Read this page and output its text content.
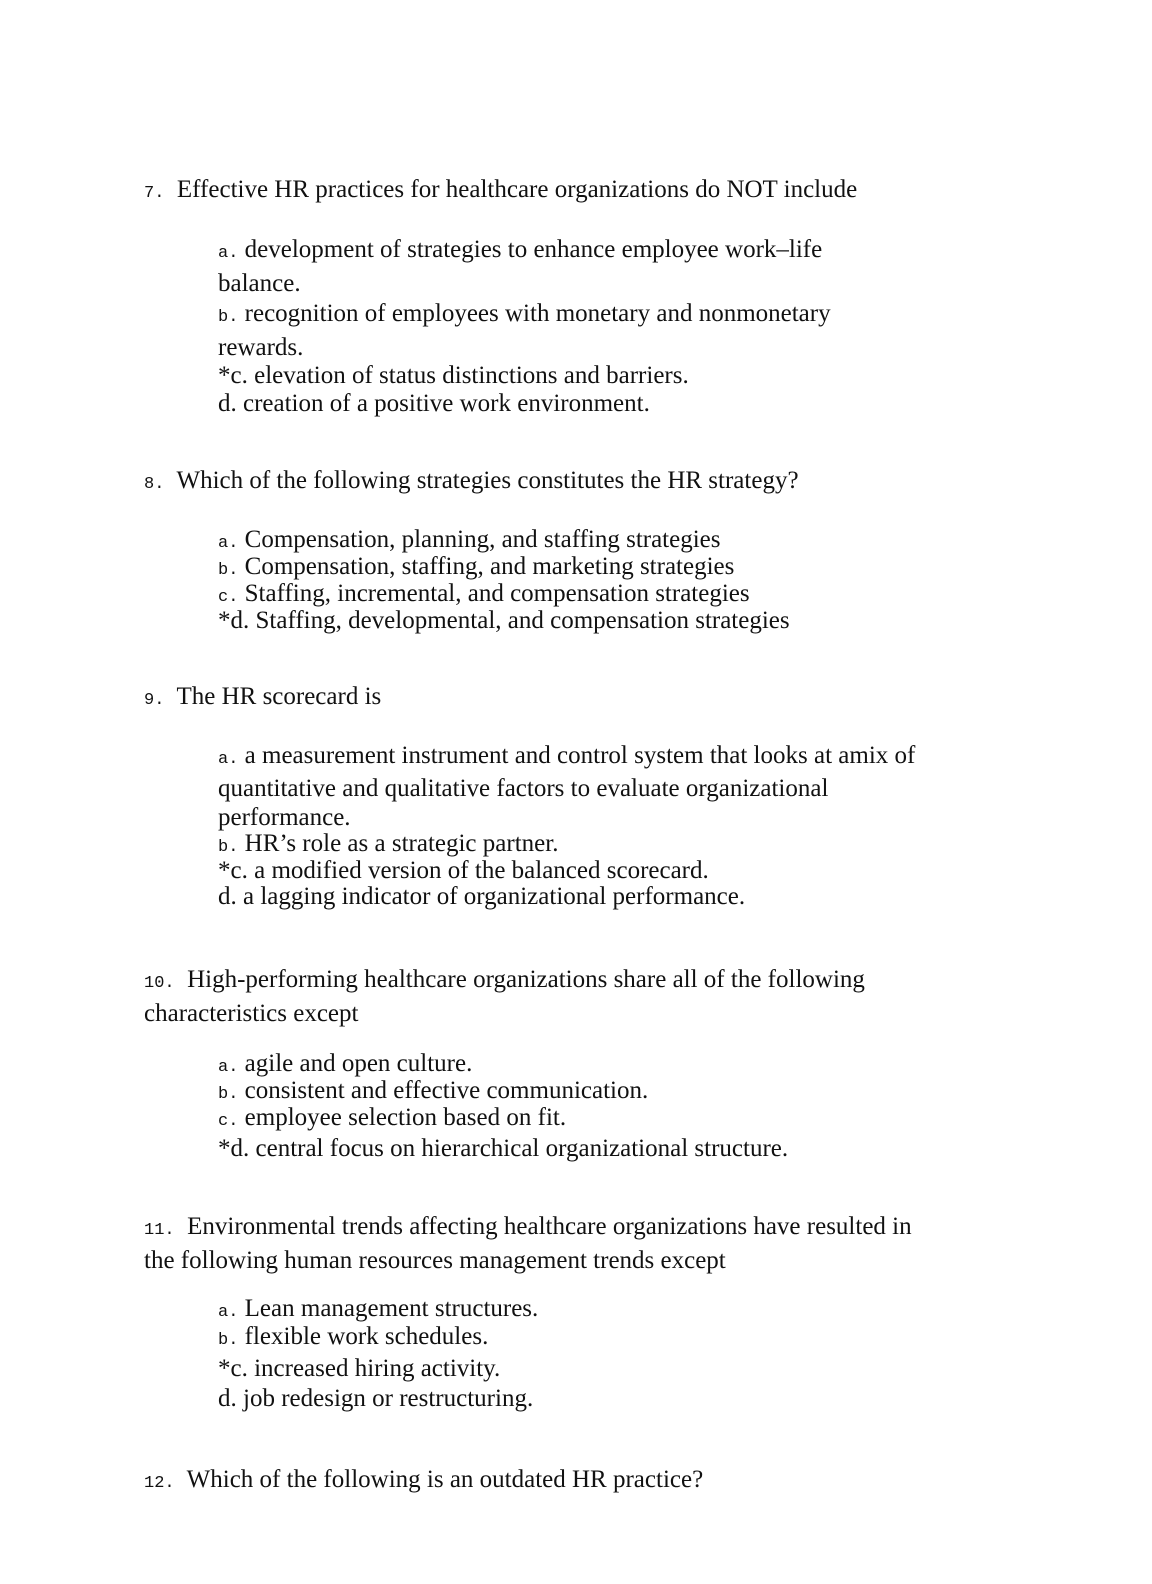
7. Effective HR practices for healthcare organizations do NOT include

a. development of strategies to enhance employee work–life balance.

b. recognition of employees with monetary and nonmonetary rewards.

*c. elevation of status distinctions and barriers.

d. creation of a positive work environment.

8. Which of the following strategies constitutes the HR strategy?

a. Compensation, planning, and staffing strategies

b. Compensation, staffing, and marketing strategies

c. Staffing, incremental, and compensation strategies

*d. Staffing, developmental, and compensation strategies

9. The HR scorecard is

a. a measurement instrument and control system that looks at amix of quantitative and qualitative factors to evaluate organizational performance.

b. HR’s role as a strategic partner.

*c. a modified version of the balanced scorecard.

d. a lagging indicator of organizational performance.

10. High-performing healthcare organizations share all of the following characteristics except

a. agile and open culture.

b. consistent and effective communication.

c. employee selection based on fit.

*d. central focus on hierarchical organizational structure.

11. Environmental trends affecting healthcare organizations have resulted in the following human resources management trends except

a. Lean management structures.

b. flexible work schedules.

*c. increased hiring activity.

d. job redesign or restructuring.

12. Which of the following is an outdated HR practice?
